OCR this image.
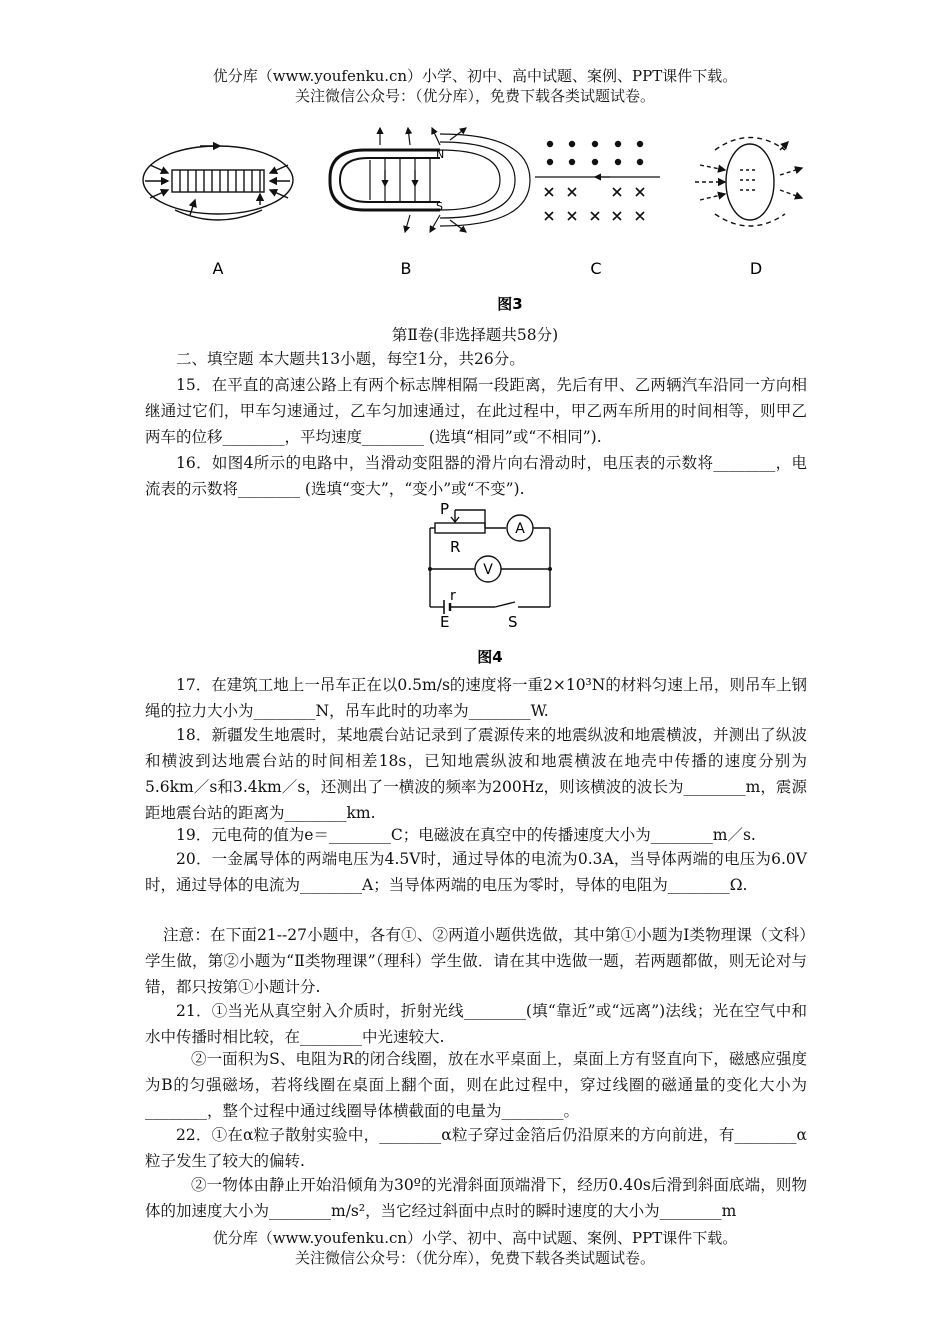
优分库（www.youfenku.cn）小学、初中、高中试题、案例、PPT课件下载。
关注微信公众号：（优分库），免费下载各类试题试卷。
N
S
A	B	C	D
图3
第Ⅱ卷(非选择题共58分)
二、填空题 本大题共13小题，每空1分，共26分。
15．在平直的高速公路上有两个标志牌相隔一段距离，先后有甲、乙两辆汽车沿同一方向相继通过它们，甲车匀速通过，乙车匀加速通过，在此过程中，甲乙两车所用的时间相等，则甲乙两车的位移________，平均速度________ (选填“相同”或“不相同”).
16．如图4所示的电路中，当滑动变阻器的滑片向右滑动时，电压表的示数将________，电流表的示数将________ (选填“变大”，“变小”或“不变”).
P
R
A
V
r
E	S
图4
17．在建筑工地上一吊车正在以0.5m/s的速度将一重2×10³N的材料匀速上吊，则吊车上钢绳的拉力大小为________N，吊车此时的功率为________W.
18．新疆发生地震时，某地震台站记录到了震源传来的地震纵波和地震横波，并测出了纵波和横波到达地震台站的时间相差18s，已知地震纵波和地震横波在地壳中传播的速度分别为5.6km／s和3.4km／s，还测出了一横波的频率为200Hz，则该横波的波长为________m，震源距地震台站的距离为________km.
19．元电荷的值为e＝________C；电磁波在真空中的传播速度大小为________m／s.
20．一金属导体的两端电压为4.5V时，通过导体的电流为0.3A，当导体两端的电压为6.0V时，通过导体的电流为________A；当导体两端的电压为零时，导体的电阻为________Ω.
注意：在下面21--27小题中，各有①、②两道小题供选做，其中第①小题为Ⅰ类物理课（文科）学生做，第②小题为“Ⅱ类物理课”（理科）学生做．请在其中选做一题，若两题都做，则无论对与错，都只按第①小题计分.
21．①当光从真空射入介质时，折射光线________(填“靠近”或“远离”)法线；光在空气中和水中传播时相比较，在________中光速较大.
②一面积为S、电阻为R的闭合线圈，放在水平桌面上，桌面上方有竖直向下，磁感应强度为B的匀强磁场，若将线圈在桌面上翻个面，则在此过程中，穿过线圈的磁通量的变化大小为________，整个过程中通过线圈导体横截面的电量为________。
22．①在α粒子散射实验中，________α粒子穿过金箔后仍沿原来的方向前进，有________α粒子发生了较大的偏转.
②一物体由静止开始沿倾角为30º的光滑斜面顶端滑下，经历0.40s后滑到斜面底端，则物体的加速度大小为________m/s²，当它经过斜面中点时的瞬时速度的大小为________m
优分库（www.youfenku.cn）小学、初中、高中试题、案例、PPT课件下载。
关注微信公众号：（优分库），免费下载各类试题试卷。
